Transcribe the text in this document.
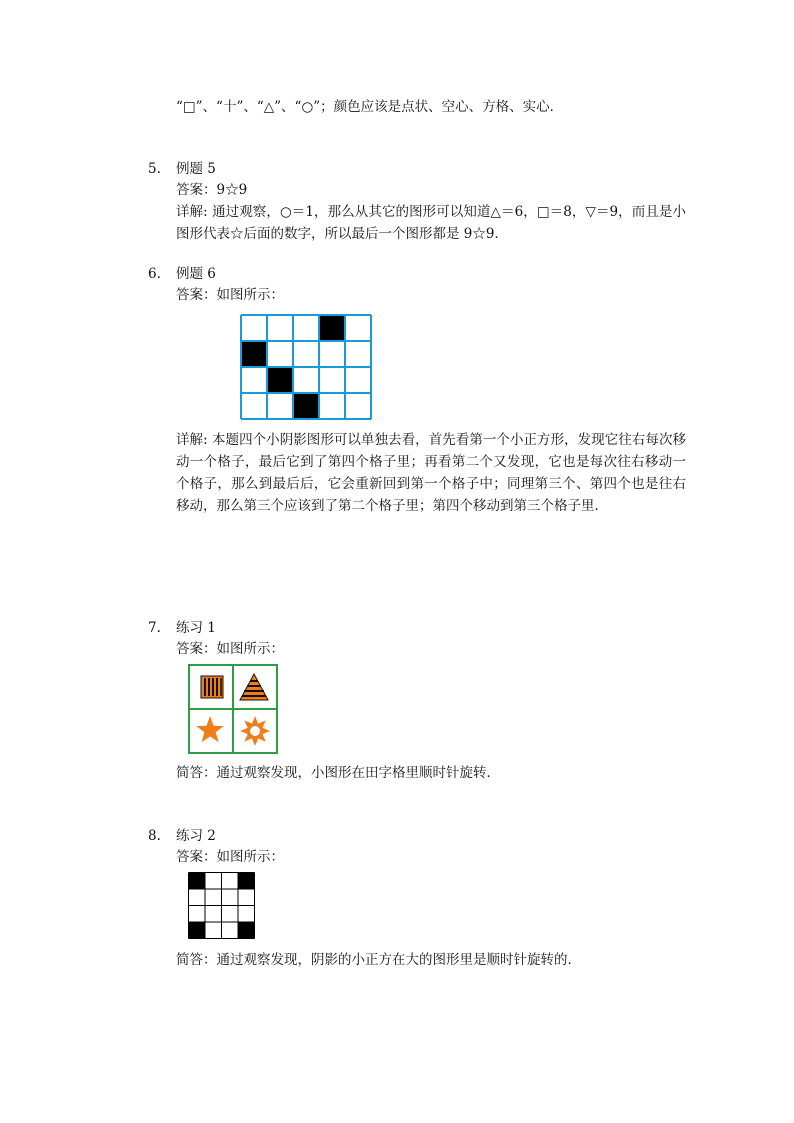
“□”、“十”、“△”、“○”；颜色应该是点状、空心、方格、实心．
5. 例题 5
答案：9☆9
详解: 通过观察，○＝1，那么从其它的图形可以知道△＝6，□＝8，▽＝9，而且是小图形代表☆后面的数字，所以最后一个图形都是 9☆9．
6. 例题 6
答案：如图所示：
详解: 本题四个小阴影图形可以单独去看，首先看第一个小正方形，发现它往右每次移动一个格子，最后它到了第四个格子里；再看第二个又发现，它也是每次往右移动一个格子，那么到最后后，它会重新回到第一个格子中；同理第三个、第四个也是往右移动，那么第三个应该到了第二个格子里；第四个移动到第三个格子里．
7. 练习 1
答案：如图所示：
简答：通过观察发现，小图形在田字格里顺时针旋转．
8. 练习 2
答案：如图所示：
简答：通过观察发现，阴影的小正方在大的图形里是顺时针旋转的．
